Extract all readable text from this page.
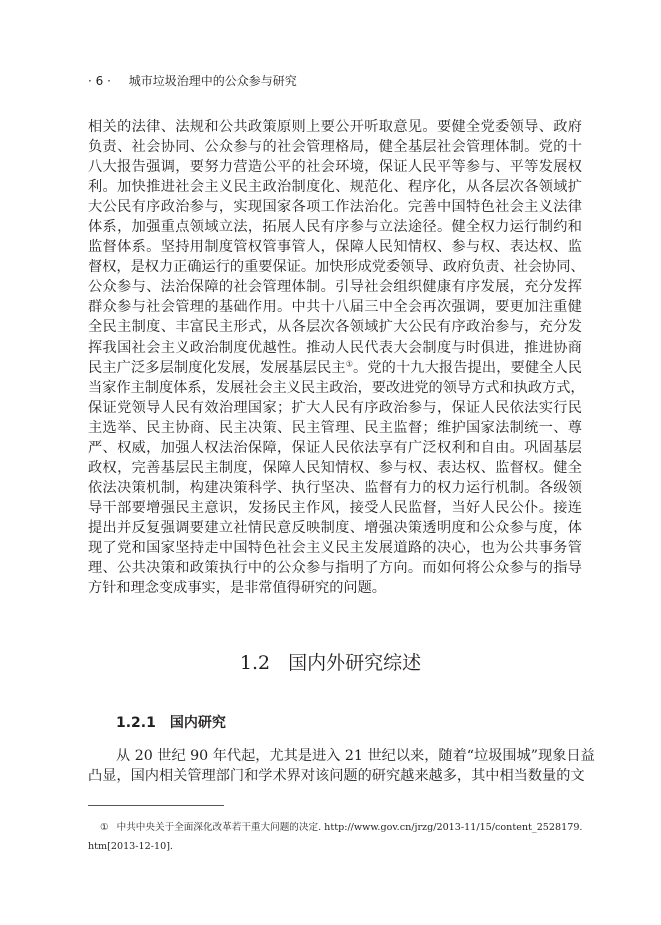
· 6 · 城市垃圾治理中的公众参与研究
相关的法律、法规和公共政策原则上要公开听取意见。要健全党委领导、政府
负责、社会协同、公众参与的社会管理格局，健全基层社会管理体制。党的十
八大报告强调，要努力营造公平的社会环境，保证人民平等参与、平等发展权
利。加快推进社会主义民主政治制度化、规范化、程序化，从各层次各领域扩
大公民有序政治参与，实现国家各项工作法治化。完善中国特色社会主义法律
体系，加强重点领域立法，拓展人民有序参与立法途径。健全权力运行制约和
监督体系。坚持用制度管权管事管人，保障人民知情权、参与权、表达权、监
督权，是权力正确运行的重要保证。加快形成党委领导、政府负责、社会协同、
公众参与、法治保障的社会管理体制。引导社会组织健康有序发展，充分发挥
群众参与社会管理的基础作用。中共十八届三中全会再次强调，要更加注重健
全民主制度、丰富民主形式，从各层次各领域扩大公民有序政治参与，充分发
挥我国社会主义政治制度优越性。推动人民代表大会制度与时俱进，推进协商
民主广泛多层制度化发展，发展基层民主①。党的十九大报告提出，要健全人民
当家作主制度体系，发展社会主义民主政治，要改进党的领导方式和执政方式，
保证党领导人民有效治理国家；扩大人民有序政治参与，保证人民依法实行民
主选举、民主协商、民主决策、民主管理、民主监督；维护国家法制统一、尊
严、权威，加强人权法治保障，保证人民依法享有广泛权利和自由。巩固基层
政权，完善基层民主制度，保障人民知情权、参与权、表达权、监督权。健全
依法决策机制，构建决策科学、执行坚决、监督有力的权力运行机制。各级领
导干部要增强民主意识，发扬民主作风，接受人民监督，当好人民公仆。接连
提出并反复强调要建立社情民意反映制度、增强决策透明度和公众参与度，体
现了党和国家坚持走中国特色社会主义民主发展道路的决心，也为公共事务管
理、公共决策和政策执行中的公众参与指明了方向。而如何将公众参与的指导
方针和理念变成事实，是非常值得研究的问题。
1.2 国内外研究综述
1.2.1 国内研究
从 20 世纪 90 年代起，尤其是进入 21 世纪以来，随着“垃圾围城”现象日益
凸显，国内相关管理部门和学术界对该问题的研究越来越多，其中相当数量的文
① 中共中央关于全面深化改革若干重大问题的决定. http://www.gov.cn/jrzg/2013-11/15/content_2528179.
htm[2013-12-10].
